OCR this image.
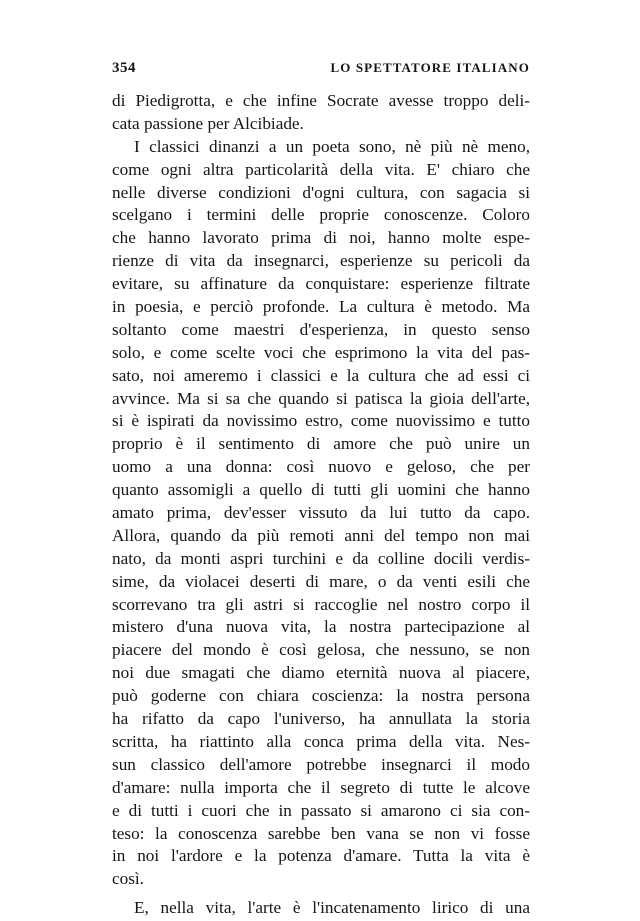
354	LO SPETTATORE ITALIANO
di Piedigrotta, e che infine Socrate avesse troppo deli-
cata passione per Alcibiade.
I classici dinanzi a un poeta sono, nè più nè meno,
come ogni altra particolarità della vita. E' chiaro che
nelle diverse condizioni d'ogni cultura, con sagacia si
scelgano i termini delle proprie conoscenze. Coloro
che hanno lavorato prima di noi, hanno molte espe-
rienze di vita da insegnarci, esperienze su pericoli da
evitare, su affinature da conquistare: esperienze filtrate
in poesia, e perciò profonde. La cultura è metodo. Ma
soltanto come maestri d'esperienza, in questo senso
solo, e come scelte voci che esprimono la vita del pas-
sato, noi ameremo i classici e la cultura che ad essi ci
avvince. Ma si sa che quando si patisca la gioia dell'arte,
si è ispirati da novissimo estro, come nuovissimo e tutto
proprio è il sentimento di amore che può unire un
uomo a una donna: così nuovo e geloso, che per
quanto assomigli a quello di tutti gli uomini che hanno
amato prima, dev'esser vissuto da lui tutto da capo.
Allora, quando da più remoti anni del tempo non mai
nato, da monti aspri turchini e da colline docili verdis-
sime, da violacei deserti di mare, o da venti esili che
scorrevano tra gli astri si raccoglie nel nostro corpo il
mistero d'una nuova vita, la nostra partecipazione al
piacere del mondo è così gelosa, che nessuno, se non
noi due smagati che diamo eternità nuova al piacere,
può goderne con chiara coscienza: la nostra persona
ha rifatto da capo l'universo, ha annullata la storia
scritta, ha riattinto alla conca prima della vita. Nes-
sun classico dell'amore potrebbe insegnarci il modo
d'amare: nulla importa che il segreto di tutte le alcove
e di tutti i cuori che in passato si amarono ci sia con-
teso: la conoscenza sarebbe ben vana se non vi fosse
in noi l'ardore e la potenza d'amare. Tutta la vita è
così.
E, nella vita, l'arte è l'incatenamento lirico di una
